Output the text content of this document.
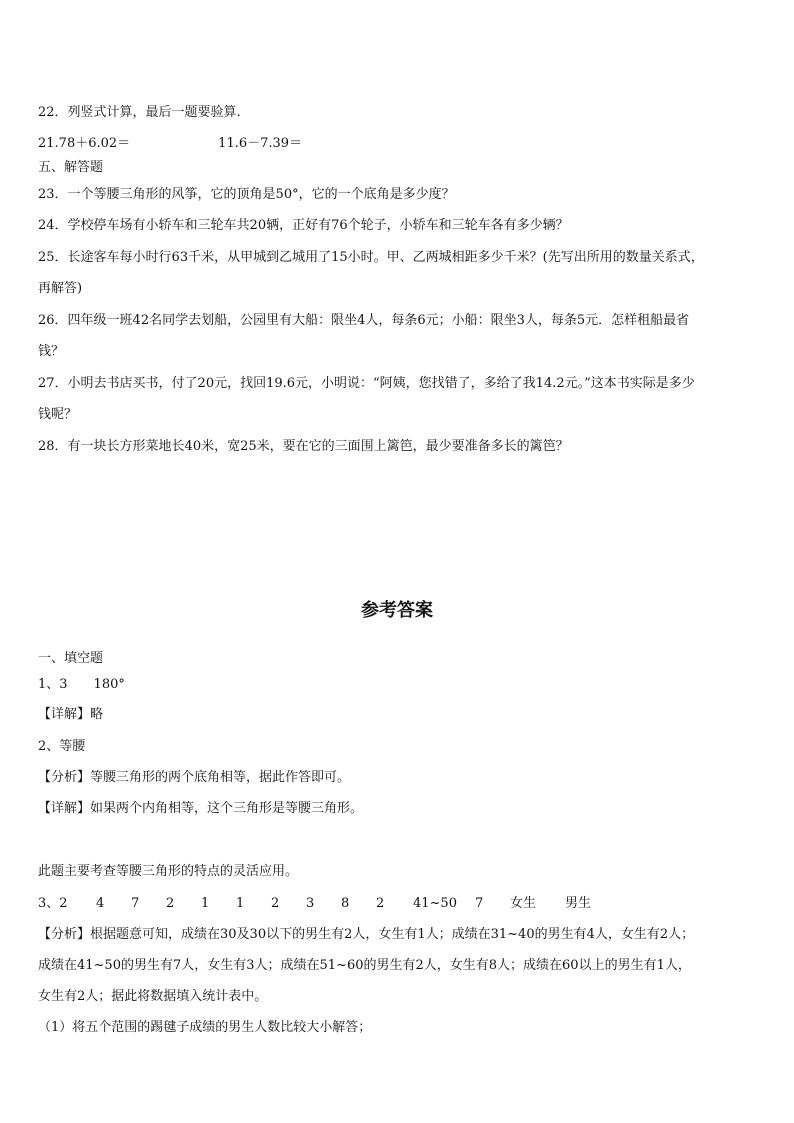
22．列竖式计算，最后一题要验算.
21.78＋6.02＝	11.6－7.39＝
五、解答题
23．一个等腰三角形的风筝，它的顶角是50°，它的一个底角是多少度？
24．学校停车场有小轿车和三轮车共20辆，正好有76个轮子，小轿车和三轮车各有多少辆？
25．长途客车每小时行63千米，从甲城到乙城用了15小时。甲、乙两城相距多少千米？(先写出所用的数量关系式，
再解答)
26．四年级一班42名同学去划船，公园里有大船：限坐4人，每条6元；小船：限坐3人，每条5元．怎样租船最省
钱？
27．小明去书店买书，付了20元，找回19.6元，小明说：“阿姨，您找错了，多给了我14.2元。”这本书实际是多少
钱呢？
28．有一块长方形菜地长40米，宽25米，要在它的三面围上篱笆，最少要准备多长的篱笆？
参考答案
一、填空题
1、3 180°
【详解】略
2、等腰
【分析】等腰三角形的两个底角相等，据此作答即可。
【详解】如果两个内角相等，这个三角形是等腰三角形。
此题主要考查等腰三角形的特点的灵活应用。
3、2 4 7 2 1 1 2 3 8 2 41~50 7 女生 男生
【分析】根据题意可知，成绩在30及30以下的男生有2人，女生有1人；成绩在31~40的男生有4人，女生有2人；
成绩在41~50的男生有7人，女生有3人；成绩在51~60的男生有2人，女生有8人；成绩在60以上的男生有1人，
女生有2人；据此将数据填入统计表中。
（1）将五个范围的踢毽子成绩的男生人数比较大小解答；
